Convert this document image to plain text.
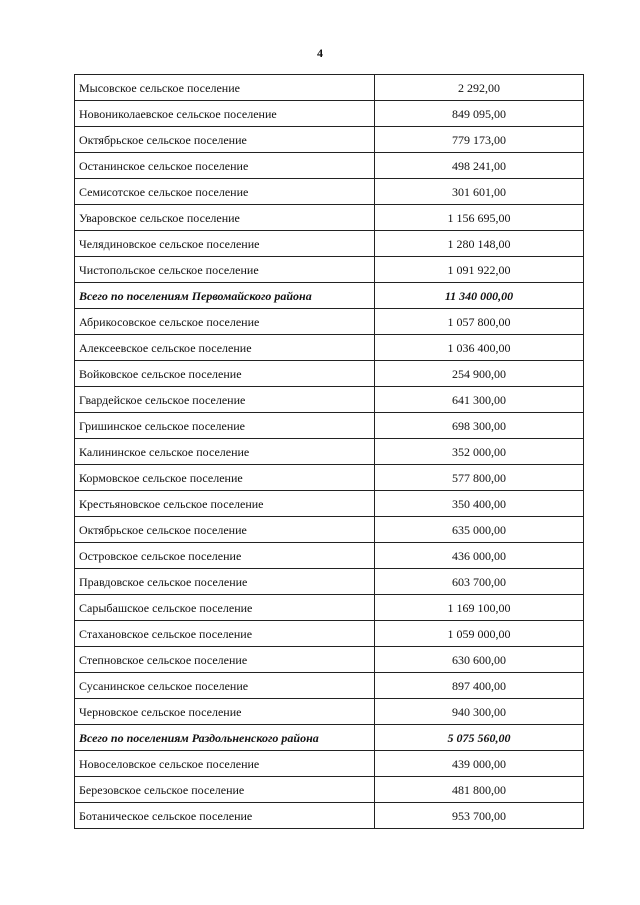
4
Мысовское сельское поселение	2 292,00
Новониколаевское сельское поселение	849 095,00
Октябрьское сельское поселение	779 173,00
Останинское сельское поселение	498 241,00
Семисотское сельское поселение	301 601,00
Уваровское сельское поселение	1 156 695,00
Челядиновское сельское поселение	1 280 148,00
Чистопольское сельское поселение	1 091 922,00
Всего по поселениям Первомайского района	11 340 000,00
Абрикосовское сельское поселение	1 057 800,00
Алексеевское сельское поселение	1 036 400,00
Войковское сельское поселение	254 900,00
Гвардейское сельское поселение	641 300,00
Гришинское сельское поселение	698 300,00
Калининское сельское поселение	352 000,00
Кормовское сельское поселение	577 800,00
Крестьяновское сельское поселение	350 400,00
Октябрьское сельское поселение	635 000,00
Островское сельское поселение	436 000,00
Правдовское сельское поселение	603 700,00
Сарыбашское сельское поселение	1 169 100,00
Стахановское сельское поселение	1 059 000,00
Степновское сельское поселение	630 600,00
Сусанинское сельское поселение	897 400,00
Черновское сельское поселение	940 300,00
Всего по поселениям Раздольненского района	5 075 560,00
Новоселовское сельское поселение	439 000,00
Березовское сельское поселение	481 800,00
Ботаническое сельское поселение	953 700,00
